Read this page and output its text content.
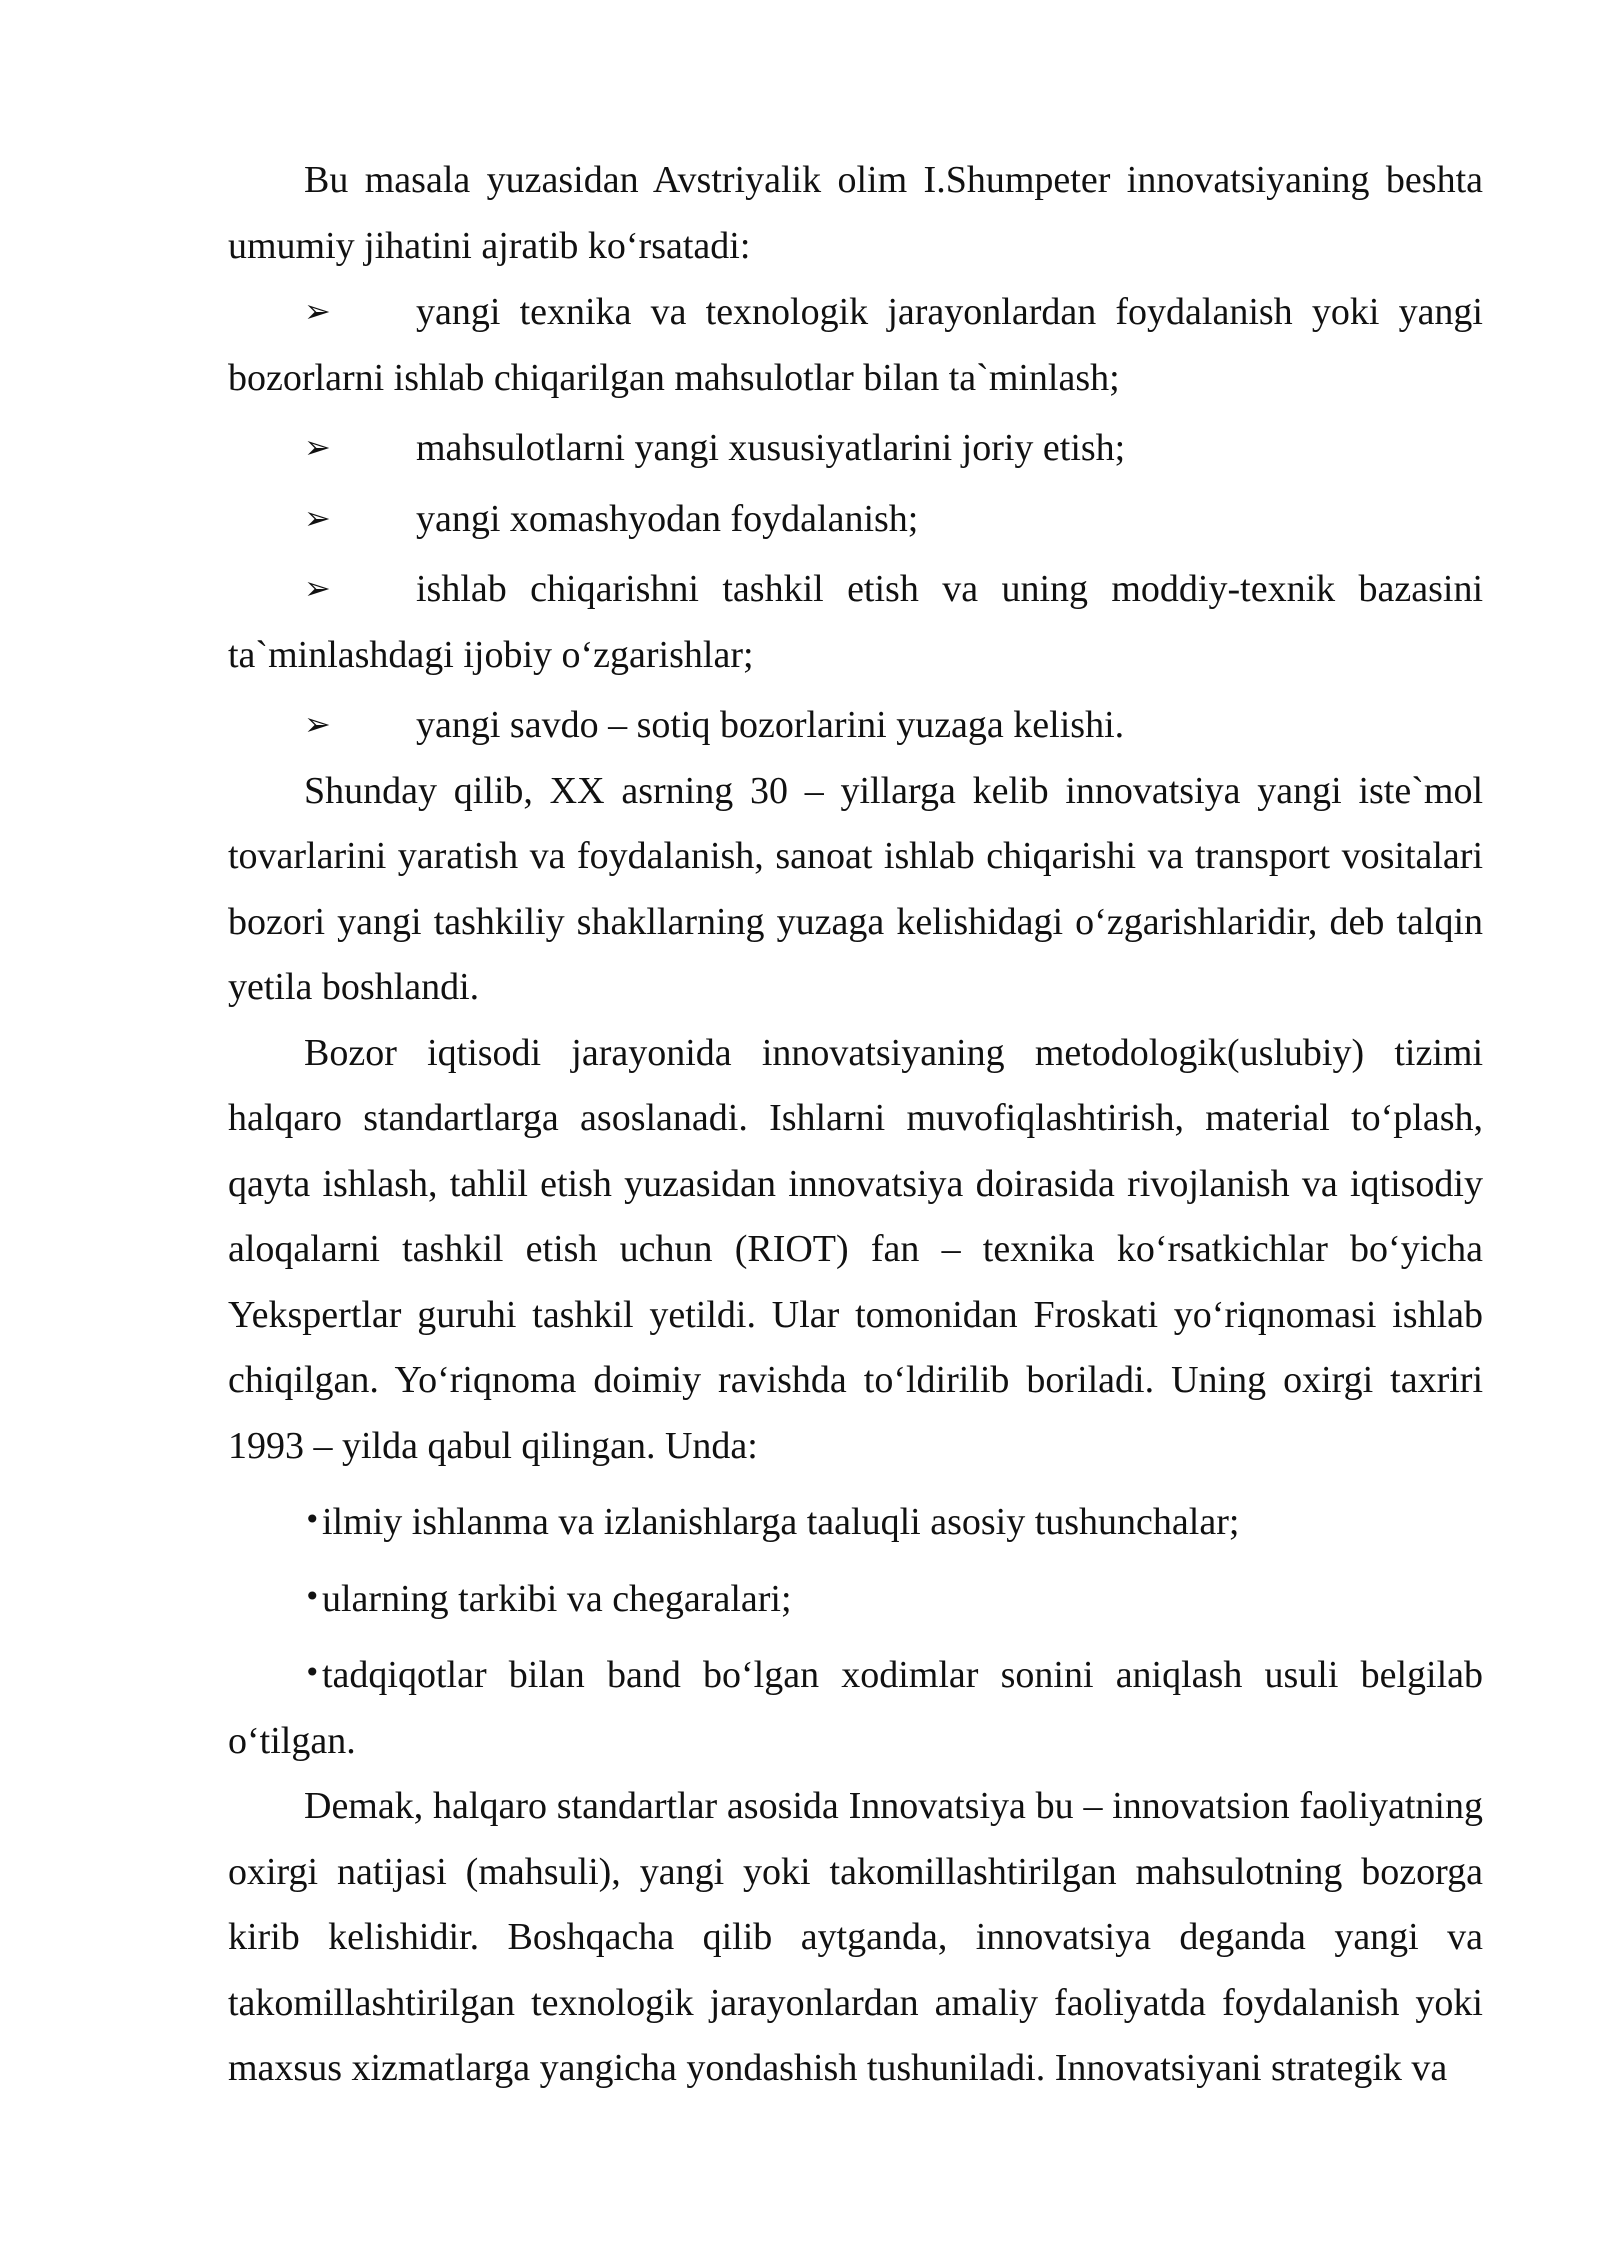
Bu masala yuzasidan Avstriyalik olim I.Shumpeter innovatsiyaning beshta umumiy jihatini ajratib ko‘rsatadi:

➢ yangi texnika va texnologik jarayonlardan foydalanish yoki yangi bozorlarni ishlab chiqarilgan mahsulotlar bilan ta`minlash;

➢ mahsulotlarni yangi xususiyatlarini joriy etish;

➢ yangi xomashyodan foydalanish;

➢ ishlab chiqarishni tashkil etish va uning moddiy-texnik bazasini ta`minlashdagi ijobiy o‘zgarishlar;

➢ yangi savdo – sotiq bozorlarini yuzaga kelishi.

Shunday qilib, XX asrning 30 – yillarga kelib innovatsiya yangi iste`mol tovarlarini yaratish va foydalanish, sanoat ishlab chiqarishi va transport vositalari bozori yangi tashkiliy shakllarning yuzaga kelishidagi o‘zgarishlaridir, deb talqin yetila boshlandi.

Bozor iqtisodi jarayonida innovatsiyaning metodologik(uslubiy) tizimi halqaro standartlarga asoslanadi. Ishlarni muvofiqlashtirish, material to‘plash, qayta ishlash, tahlil etish yuzasidan innovatsiya doirasida rivojlanish va iqtisodiy aloqalarni tashkil etish uchun (RIOT) fan – texnika ko‘rsatkichlar bo‘yicha Yekspertlar guruhi tashkil yetildi. Ular tomonidan Froskati yo‘riqnomasi ishlab chiqilgan. Yo‘riqnoma doimiy ravishda to‘ldirilib boriladi. Uning oxirgi taxriri 1993 – yilda qabul qilingan. Unda:

•ilmiy ishlanma va izlanishlarga taaluqli asosiy tushunchalar;

•ularning tarkibi va chegaralari;

•tadqiqotlar bilan band bo‘lgan xodimlar sonini aniqlash usuli belgilab o‘tilgan.

Demak, halqaro standartlar asosida Innovatsiya bu – innovatsion faoliyatning oxirgi natijasi (mahsuli), yangi yoki takomillashtirilgan mahsulotning bozorga kirib kelishidir. Boshqacha qilib aytganda, innovatsiya deganda yangi va takomillashtirilgan texnologik jarayonlardan amaliy faoliyatda foydalanish yoki maxsus xizmatlarga yangicha yondashish tushuniladi. Innovatsiyani strategik va
